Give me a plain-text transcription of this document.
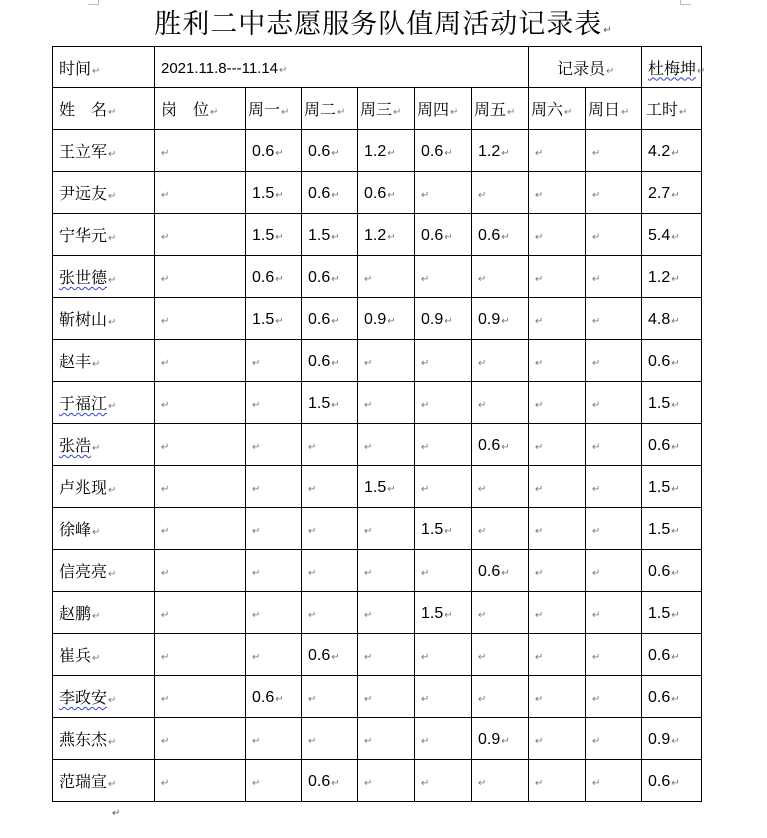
胜利二中志愿服务队值周活动记录表↵
时间↵	2021.11.8---11.14↵						记录员↵		杜梅坤↵
姓　名↵	岗　位↵	周一↵	周二↵	周三↵	周四↵	周五↵	周六↵	周日↵	工时↵
王立军↵	↵	0.6↵	0.6↵	1.2↵	0.6↵	1.2↵	↵	↵	4.2↵
尹远友↵	↵	1.5↵	0.6↵	0.6↵	↵	↵	↵	↵	2.7↵
宁华元↵	↵	1.5↵	1.5↵	1.2↵	0.6↵	0.6↵	↵	↵	5.4↵
张世德↵	↵	0.6↵	0.6↵	↵	↵	↵	↵	↵	1.2↵
靳树山↵	↵	1.5↵	0.6↵	0.9↵	0.9↵	0.9↵	↵	↵	4.8↵
赵丰↵	↵	↵	0.6↵	↵	↵	↵	↵	↵	0.6↵
于福江↵	↵	↵	1.5↵	↵	↵	↵	↵	↵	1.5↵
张浩↵	↵	↵	↵	↵	↵	0.6↵	↵	↵	0.6↵
卢兆现↵	↵	↵	↵	1.5↵	↵	↵	↵	↵	1.5↵
徐峰↵	↵	↵	↵	↵	1.5↵	↵	↵	↵	1.5↵
信亮亮↵	↵	↵	↵	↵	↵	0.6↵	↵	↵	0.6↵
赵鹏↵	↵	↵	↵	↵	1.5↵	↵	↵	↵	1.5↵
崔兵↵	↵	↵	0.6↵	↵	↵	↵	↵	↵	0.6↵
李政安↵	↵	0.6↵	↵	↵	↵	↵	↵	↵	0.6↵
燕东杰↵	↵	↵	↵	↵	↵	0.9↵	↵	↵	0.9↵
范瑞宣↵	↵	↵	0.6↵	↵	↵	↵	↵	↵	0.6↵
↵
